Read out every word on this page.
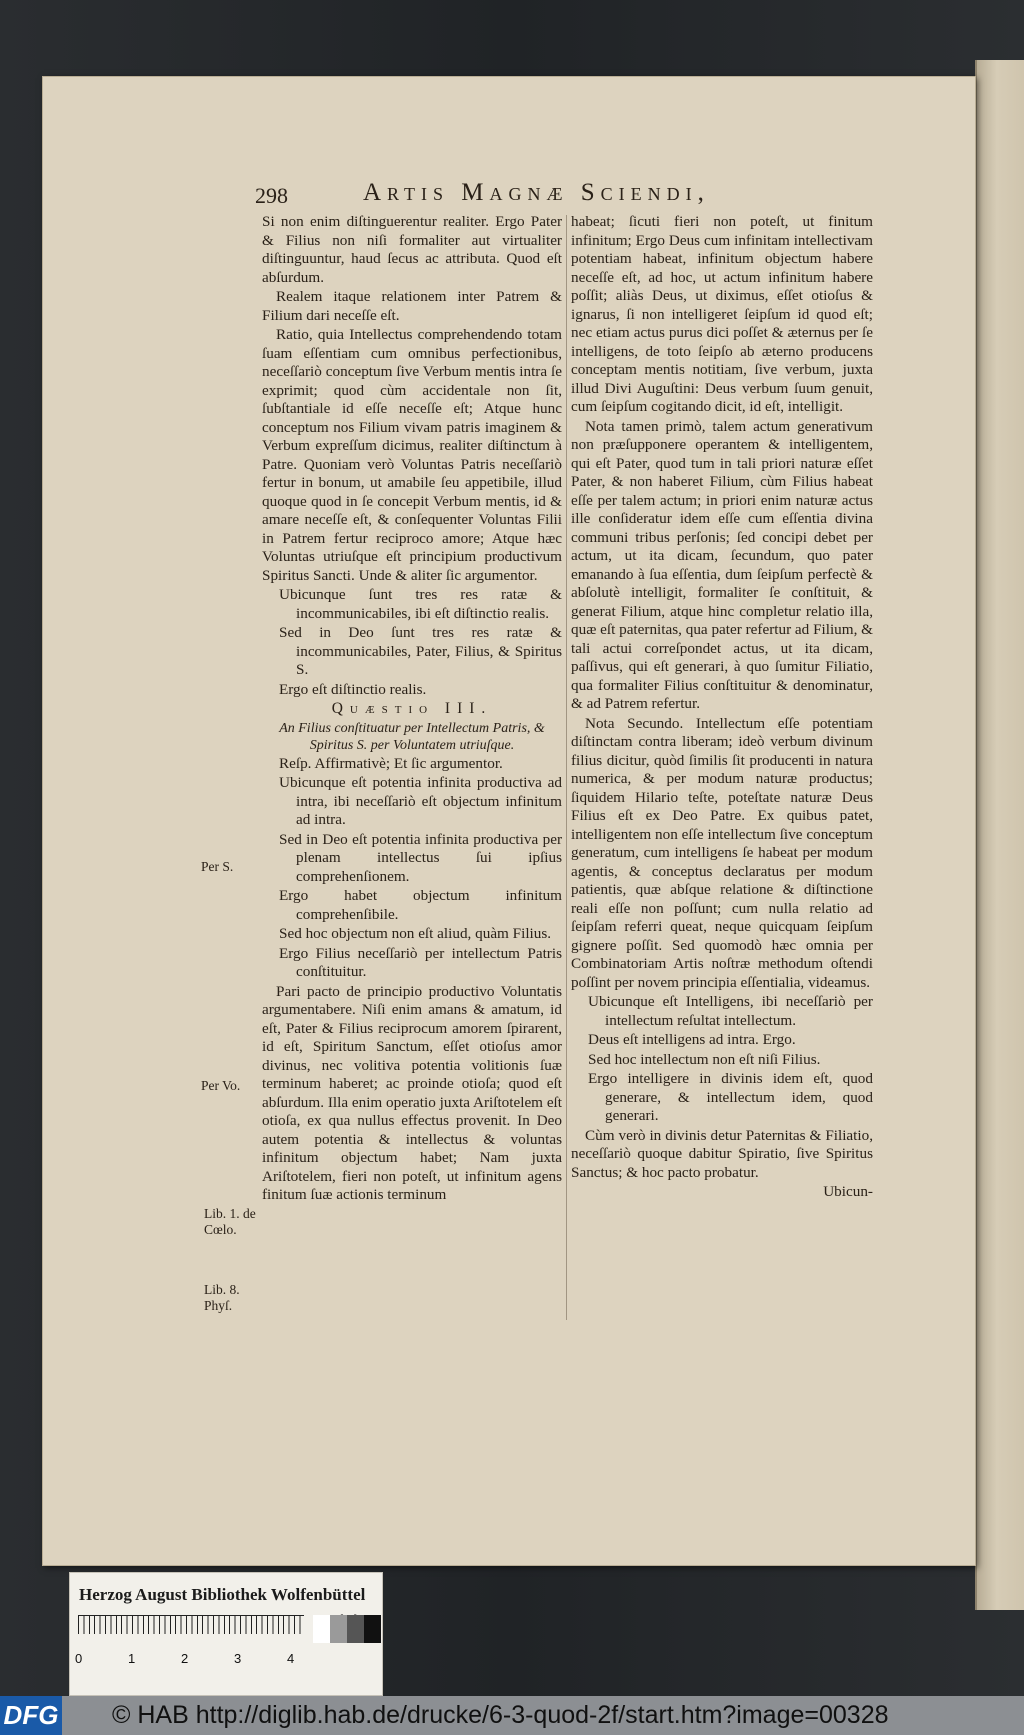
298	Artis Magnæ Sciendi,

Si non enim diſtinguerentur realiter. Ergo Pater & Filius non niſi formaliter aut virtualiter diſtinguuntur, haud ſecus ac attributa. Quod eſt abſurdum.

Realem itaque relationem inter Patrem & Filium dari neceſſe eſt.

Ratio, quia Intellectus comprehendendo totam ſuam eſſentiam cum omnibus perfectionibus, neceſſariò conceptum ſive Verbum mentis intra ſe exprimit; quod cùm accidentale non ſit, ſubſtantiale id eſſe neceſſe eſt; Atque hunc conceptum nos Filium vivam patris imaginem & Verbum expreſſum dicimus, realiter diſtinctum à Patre. Quoniam verò Voluntas Patris neceſſariò fertur in bonum, ut amabile ſeu appetibile, illud quoque quod in ſe concepit Verbum mentis, id & amare neceſſe eſt, & conſequenter Voluntas Filii in Patrem fertur reciproco amore; Atque hæc Voluntas utriuſque eſt principium productivum Spiritus Sancti. Unde & aliter ſic argumentor.

Ubicunque ſunt tres res ratæ & incommunicabiles, ibi eſt diſtinctio realis.

Sed in Deo ſunt tres res ratæ & incommunicabiles, Pater, Filius, & Spiritus S.

Ergo eſt diſtinctio realis.

Quæstio III.

An Filius conſtituatur per Intellectum Patris, & Spiritus S. per Voluntatem utriuſque.

Reſp. Affirmativè; Et ſic argumentor.

Ubicunque eſt potentia infinita productiva ad intra, ibi neceſſariò eſt objectum infinitum ad intra.

Sed in Deo eſt potentia infinita productiva per plenam intellectus ſui ipſius comprehenſionem.

Ergo habet objectum infinitum comprehenſibile.

Sed hoc objectum non eſt aliud, quàm Filius.

Ergo Filius neceſſariò per intellectum Patris conſtituitur.

Pari pacto de principio productivo Voluntatis argumentabere. Niſi enim amans & amatum, id eſt, Pater & Filius reciprocum amorem ſpirarent, id eſt, Spiritum Sanctum, eſſet otioſus amor divinus, nec volitiva potentia volitionis ſuæ terminum haberet; ac proinde otioſa; quod eſt abſurdum. Illa enim operatio juxta Ariſtotelem eſt otioſa, ex qua nullus effectus provenit. In Deo autem potentia & intellectus & voluntas infinitum objectum habet; Nam juxta Ariſtotelem, fieri non poteſt, ut infinitum agens finitum ſuæ actionis terminum

habeat; ſicuti fieri non poteſt, ut finitum infinitum; Ergo Deus cum infinitam intellectivam potentiam habeat, infinitum objectum habere neceſſe eſt, ad hoc, ut actum infinitum habere poſſit; aliàs Deus, ut diximus, eſſet otioſus & ignarus, ſi non intelligeret ſeipſum id quod eſt; nec etiam actus purus dici poſſet & æternus per ſe intelligens, de toto ſeipſo ab æterno producens conceptam mentis notitiam, ſive verbum, juxta illud Divi Auguſtini: Deus verbum ſuum genuit, cum ſeipſum cogitando dicit, id eſt, intelligit.

Nota tamen primò, talem actum generativum non præſupponere operantem & intelligentem, qui eſt Pater, quod tum in tali priori naturæ eſſet Pater, & non haberet Filium, cùm Filius habeat eſſe per talem actum; in priori enim naturæ actus ille conſideratur idem eſſe cum eſſentia divina communi tribus perſonis; ſed concipi debet per actum, ut ita dicam, ſecundum, quo pater emanando à ſua eſſentia, dum ſeipſum perfectè & abſolutè intelligit, formaliter ſe conſtituit, & generat Filium, atque hinc completur relatio illa, quæ eſt paternitas, qua pater refertur ad Filium, & tali actui correſpondet actus, ut ita dicam, paſſivus, qui eſt generari, à quo ſumitur Filiatio, qua formaliter Filius conſtituitur & denominatur, & ad Patrem refertur.

Nota Secundo. Intellectum eſſe potentiam diſtinctam contra liberam; ideò verbum divinum filius dicitur, quòd ſimilis ſit producenti in natura numerica, & per modum naturæ productus; ſiquidem Hilario teſte, poteſtate naturæ Deus Filius eſt ex Deo Patre. Ex quibus patet, intelligentem non eſſe intellectum ſive conceptum generatum, cum intelligens ſe habeat per modum agentis, & conceptus declaratus per modum patientis, quæ abſque relatione & diſtinctione reali eſſe non poſſunt; cum nulla relatio ad ſeipſam referri queat, neque quicquam ſeipſum gignere poſſit. Sed quomodò hæc omnia per Combinatoriam Artis noſtræ methodum oſtendi poſſint per novem principia eſſentialia, videamus.

Ubicunque eſt Intelligens, ibi neceſſariò per intellectum reſultat intellectum.

Deus eſt intelligens ad intra. Ergo.

Sed hoc intellectum non eſt niſi Filius.

Ergo intelligere in divinis idem eſt, quod generare, & intellectum idem, quod generari.

Cùm verò in divinis detur Paternitas & Filiatio, neceſſariò quoque dabitur Spiratio, ſive Spiritus Sanctus; & hoc pacto probatur.

Ubicun-

Per S.
Per Vo.
Lib. 1. de
Cœlo.
Lib. 8.
Phyſ.
Herzog August Bibliothek Wolfenbüttel
0	1	2	3	4
DFG © HAB http://diglib.hab.de/drucke/6-3-quod-2f/start.htm?image=00328
